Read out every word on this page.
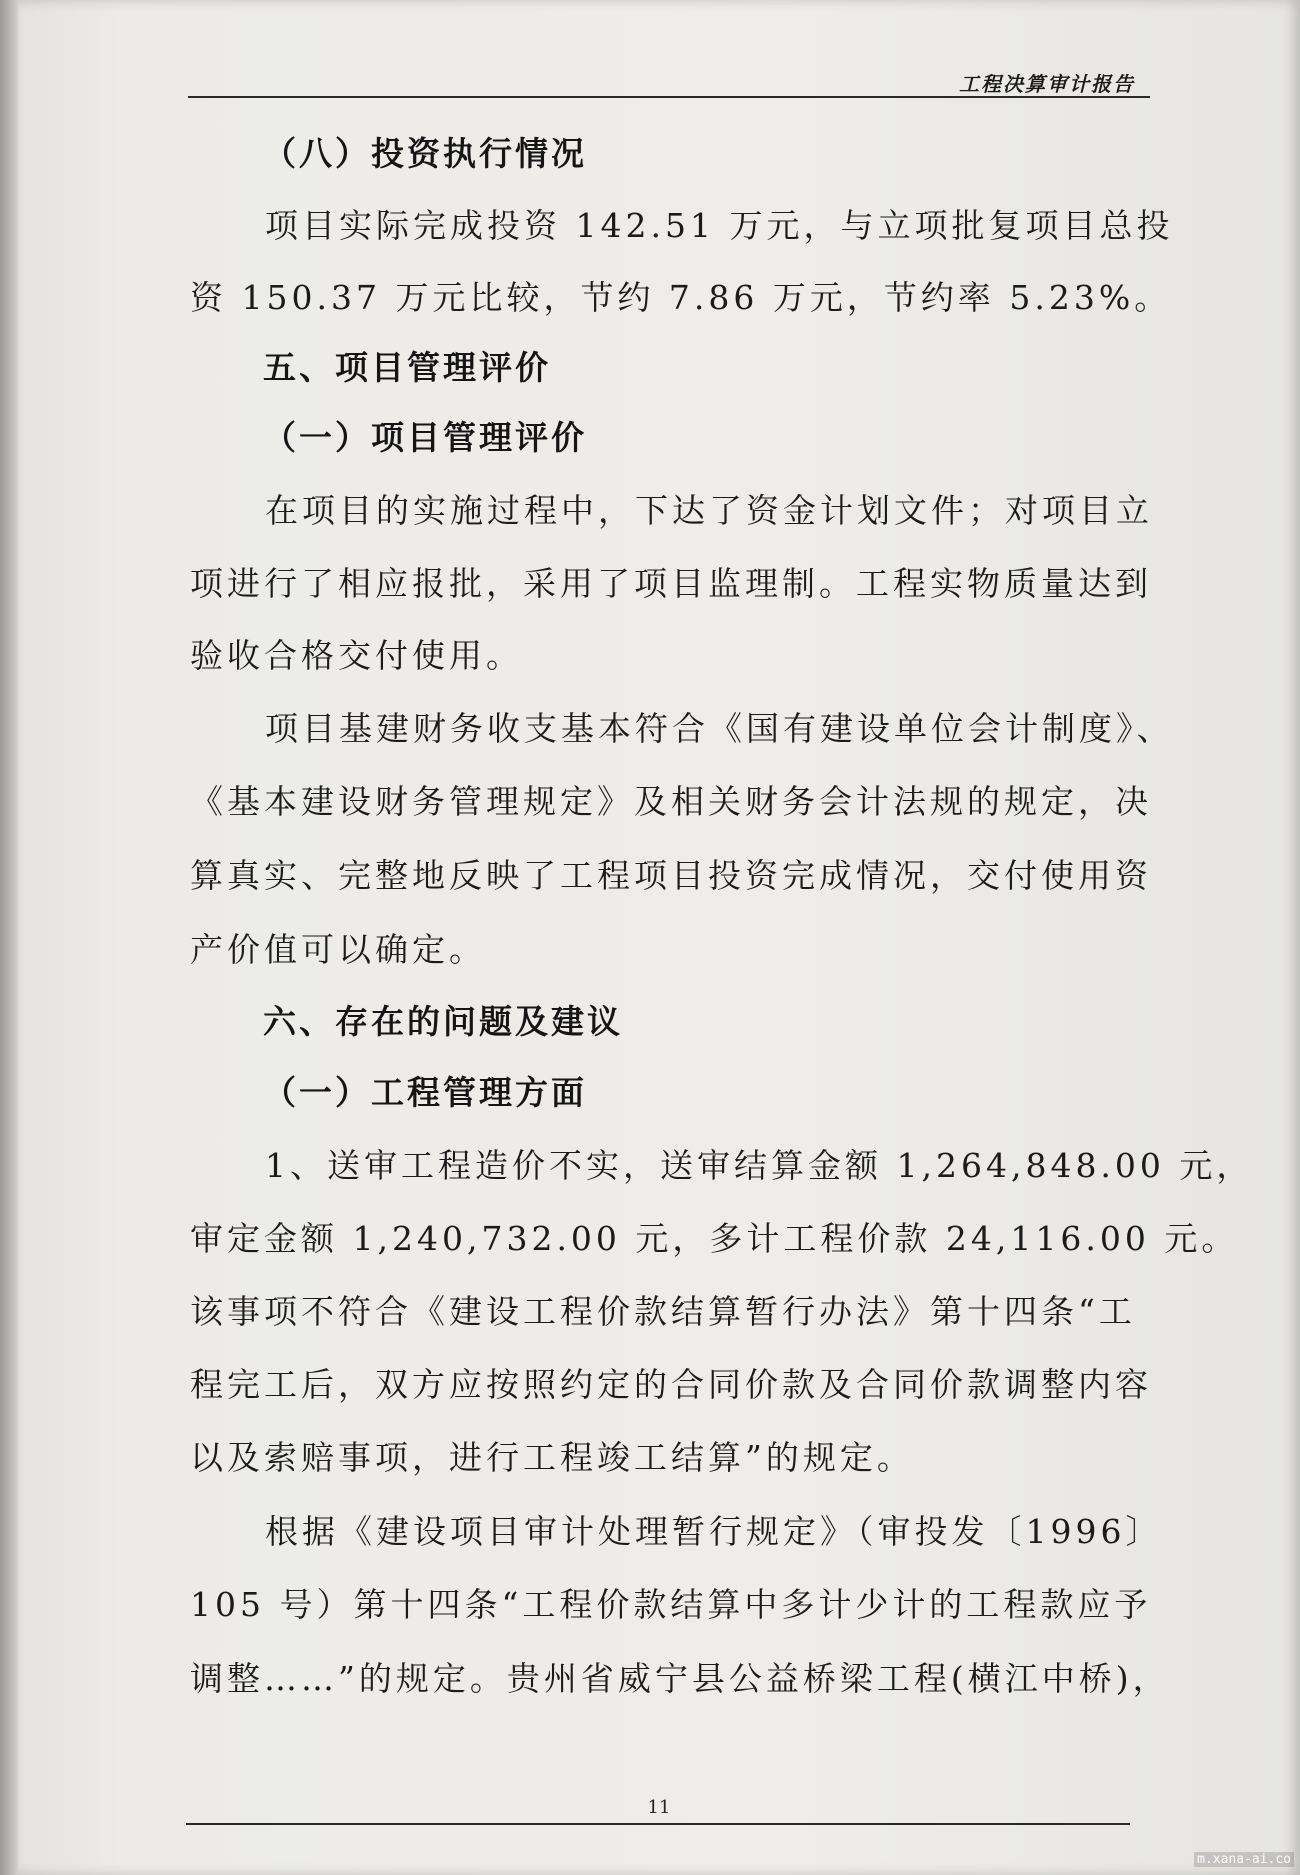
工程决算审计报告
（八）投资执行情况
项目实际完成投资 142.51 万元，与立项批复项目总投
资 150.37 万元比较，节约 7.86 万元，节约率 5.23%。
五、项目管理评价
（一）项目管理评价
在项目的实施过程中，下达了资金计划文件；对项目立
项进行了相应报批，采用了项目监理制。工程实物质量达到
验收合格交付使用。
项目基建财务收支基本符合《国有建设单位会计制度》、
《基本建设财务管理规定》及相关财务会计法规的规定，决
算真实、完整地反映了工程项目投资完成情况，交付使用资
产价值可以确定。
六、存在的问题及建议
（一）工程管理方面
1、送审工程造价不实，送审结算金额 1,264,848.00 元，
审定金额 1,240,732.00 元，多计工程价款 24,116.00 元。
该事项不符合《建设工程价款结算暂行办法》第十四条“工
程完工后，双方应按照约定的合同价款及合同价款调整内容
以及索赔事项，进行工程竣工结算”的规定。
根据《建设项目审计处理暂行规定》（审投发〔1996〕
105 号）第十四条“工程价款结算中多计少计的工程款应予
调整……”的规定。贵州省威宁县公益桥梁工程(横江中桥)，
11
m.xana-ai.co
